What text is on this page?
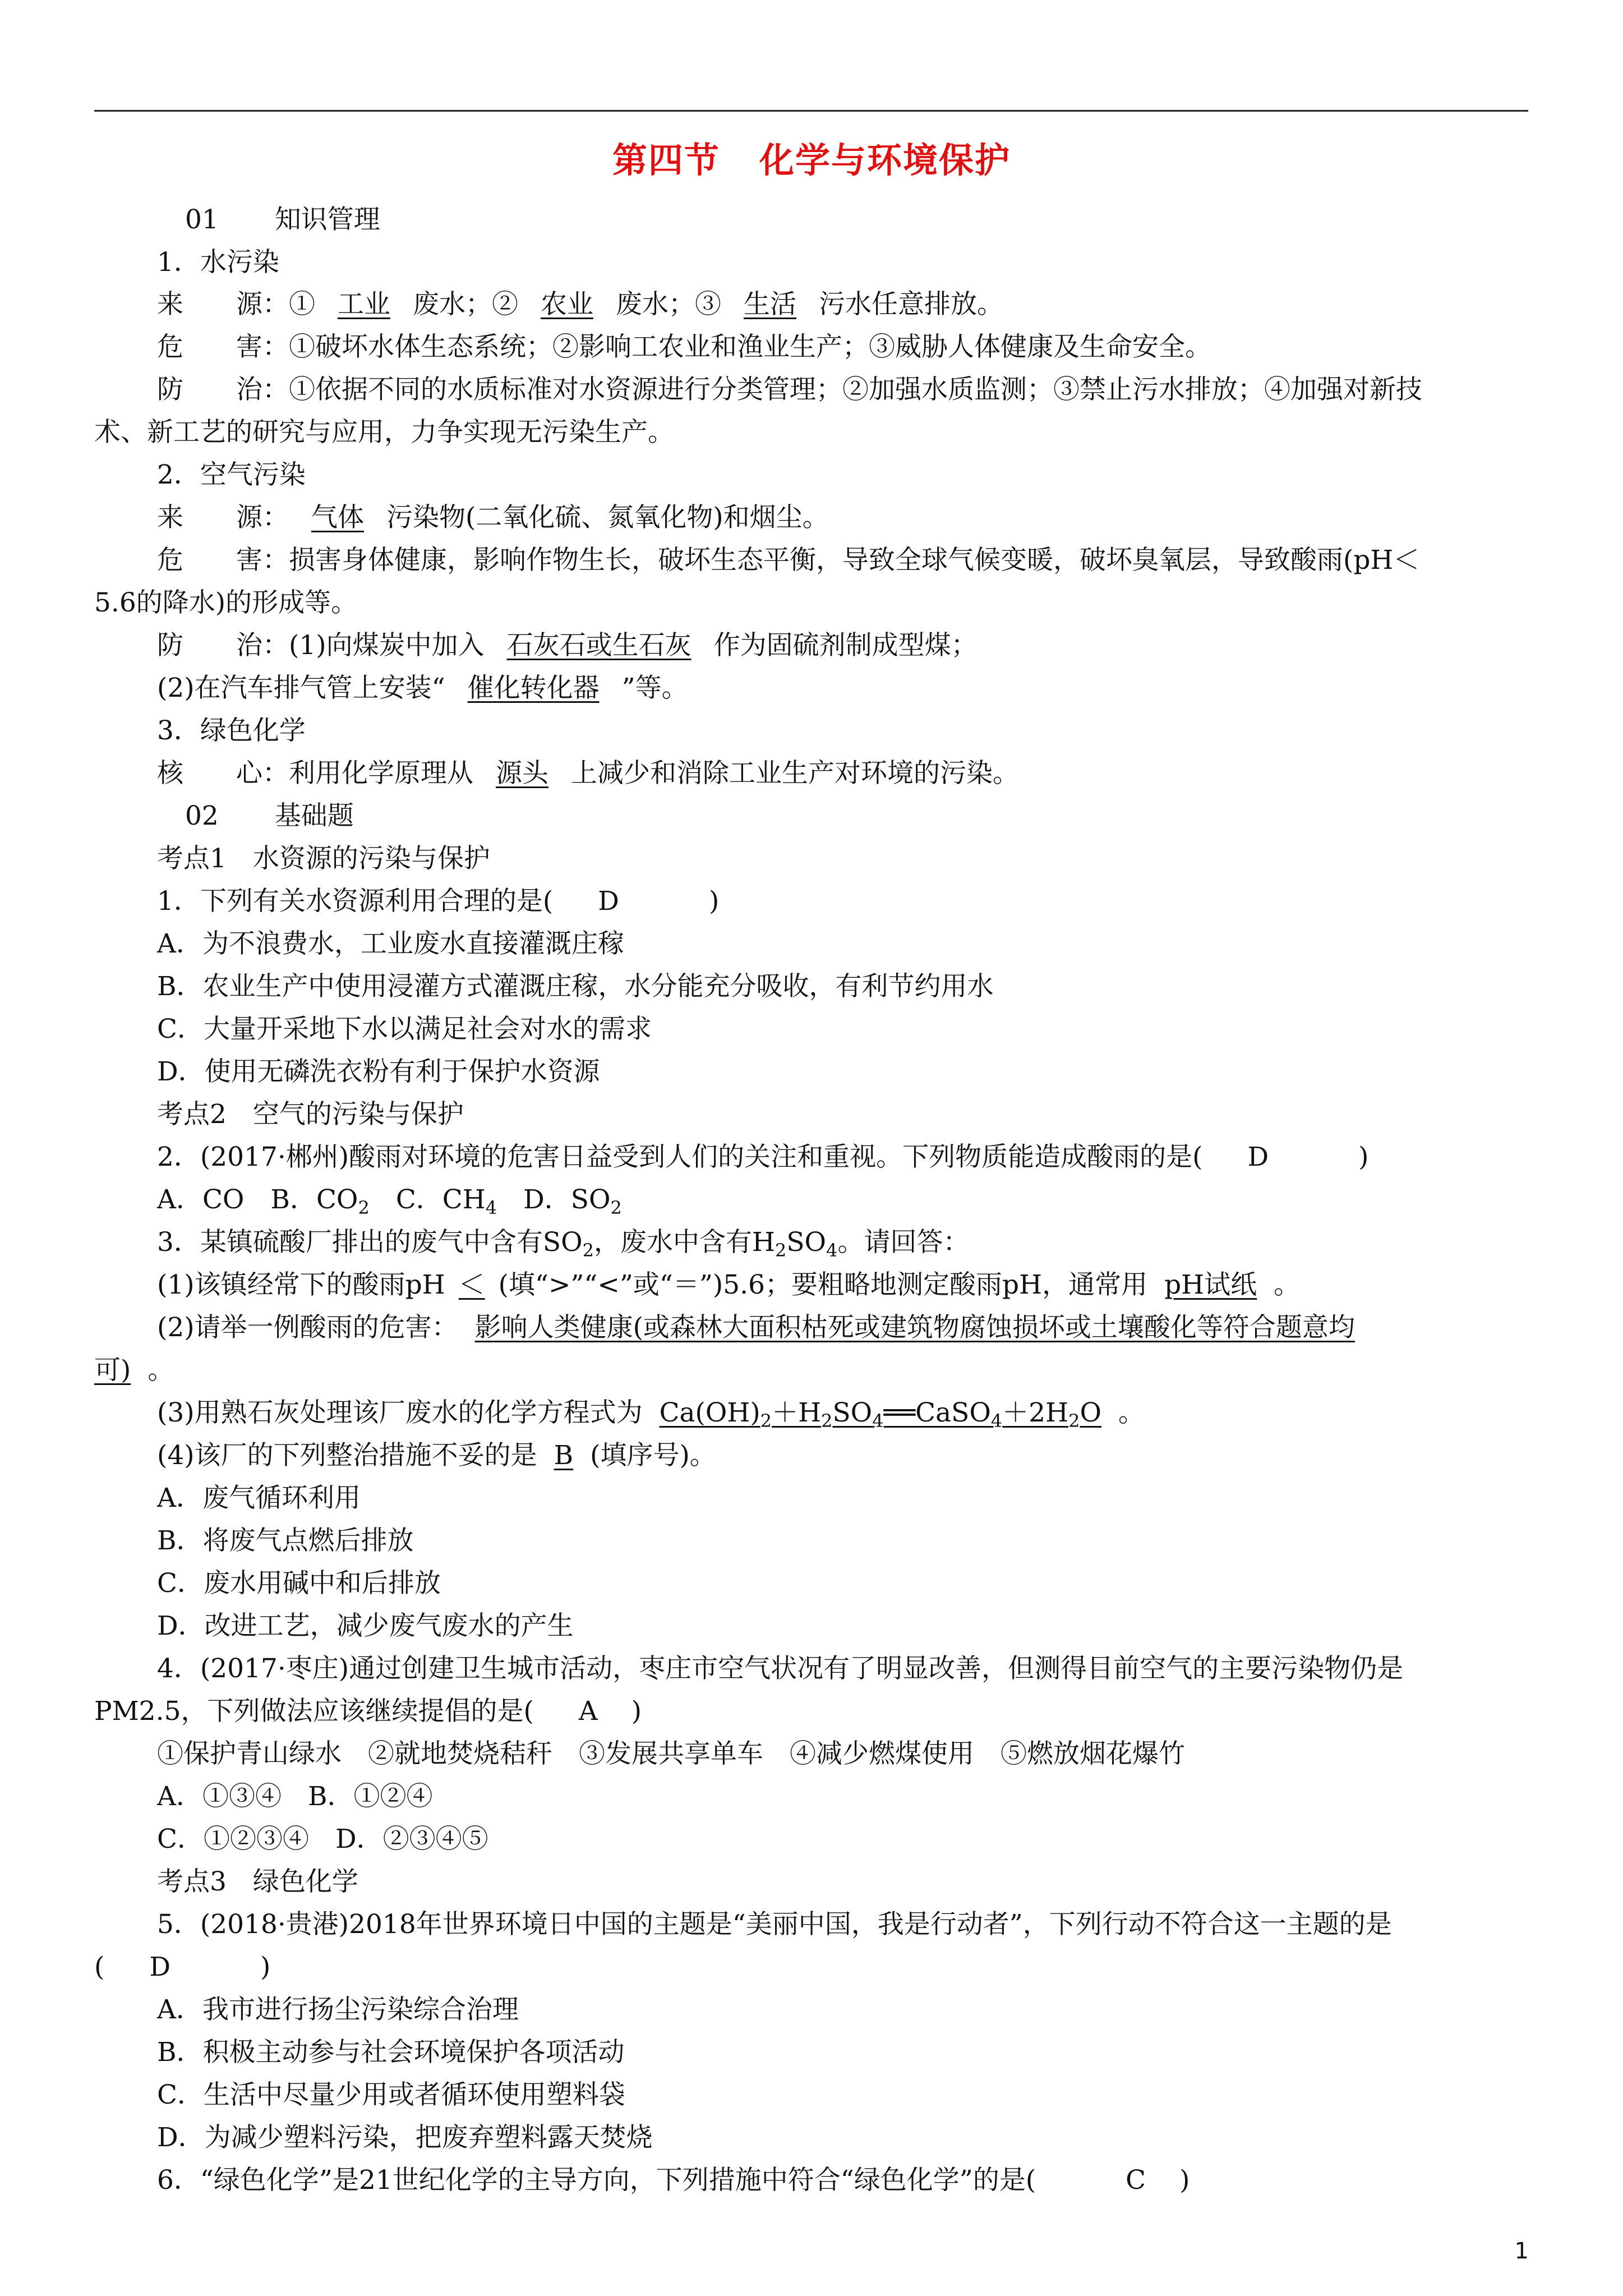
第四节 化学与环境保护
01 知识管理
1．水污染
来　　源：① 工业 废水；② 农业 废水；③ 生活 污水任意排放。
危　　害：①破坏水体生态系统；②影响工农业和渔业生产；③威胁人体健康及生命安全。
防　　治：①依据不同的水质标准对水资源进行分类管理；②加强水质监测；③禁止污水排放；④加强对新技
术、新工艺的研究与应用，力争实现无污染生产。
2．空气污染
来　　源： 气体 污染物(二氧化硫、氮氧化物)和烟尘。
危　　害：损害身体健康，影响作物生长，破坏生态平衡，导致全球气候变暖，破坏臭氧层，导致酸雨(pH＜
5.6的降水)的形成等。
防　　治：(1)向煤炭中加入 石灰石或生石灰 作为固硫剂制成型煤；
(2)在汽车排气管上安装“ 催化转化器 ”等。
3．绿色化学
核　　心：利用化学原理从 源头 上减少和消除工业生产对环境的污染。
02 基础题
考点1　水资源的污染与保护
1．下列有关水资源利用合理的是( D	)
A．为不浪费水，工业废水直接灌溉庄稼
B．农业生产中使用浸灌方式灌溉庄稼，水分能充分吸收，有利节约用水
C．大量开采地下水以满足社会对水的需求
D．使用无磷洗衣粉有利于保护水资源
考点2　空气的污染与保护
2．(2017·郴州)酸雨对环境的危害日益受到人们的关注和重视。下列物质能造成酸雨的是( D	)
A．CO　B．$CO_2$　C．$CH_4$　D．$SO_2$
3．某镇硫酸厂排出的废气中含有$SO_2$，废水中含有$H_2SO_4$。请回答：
(1)该镇经常下的酸雨pH ＜ (填“>”“<”或“＝”)5.6；要粗略地测定酸雨pH，通常用 pH试纸 。
(2)请举一例酸雨的危害： 影响人类健康(或森林大面积枯死或建筑物腐蚀损坏或土壤酸化等符合题意均
可) 。
(3)用熟石灰处理该厂废水的化学方程式为 $Ca(OH)_2+H_2SO_4══CaSO_4+2H_2O$ 。
(4)该厂的下列整治措施不妥的是 B (填序号)。
A．废气循环利用
B．将废气点燃后排放
C．废水用碱中和后排放
D．改进工艺，减少废气废水的产生
4．(2017·枣庄)通过创建卫生城市活动，枣庄市空气状况有了明显改善，但测得目前空气的主要污染物仍是
PM2.5，下列做法应该继续提倡的是( A )
①保护青山绿水　②就地焚烧秸秆　③发展共享单车　④减少燃煤使用　⑤燃放烟花爆竹
A．①③④　B．①②④
C．①②③④　D．②③④⑤
考点3　绿色化学
5．(2018·贵港)2018年世界环境日中国的主题是“美丽中国，我是行动者”，下列行动不符合这一主题的是
( D	)
A．我市进行扬尘污染综合治理
B．积极主动参与社会环境保护各项活动
C．生活中尽量少用或者循环使用塑料袋
D．为减少塑料污染，把废弃塑料露天焚烧
6．“绿色化学”是21世纪化学的主导方向，下列措施中符合“绿色化学”的是(	C )
1
